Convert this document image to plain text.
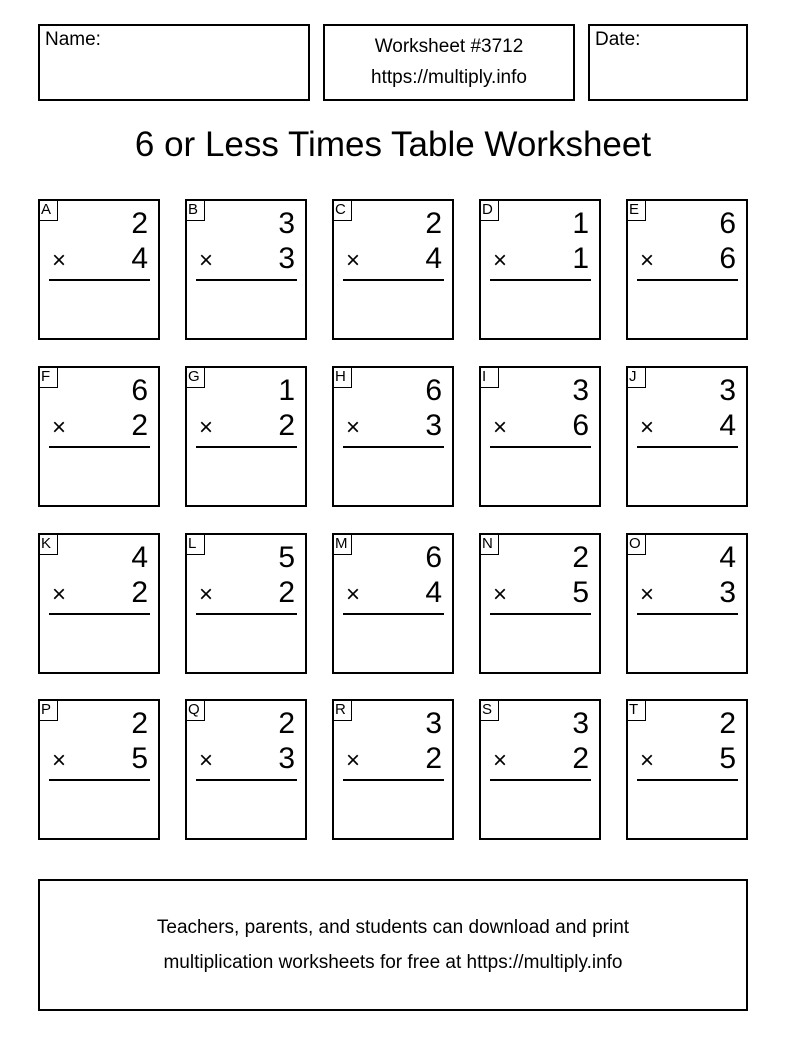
Name:	Worksheet #3712
https://multiply.info
Date:
6 or Less Times Table Worksheet
A	2
× 4
B	3
× 3
C	2
× 4
D	1
× 1
E	6
× 6
F	6
× 2
G	1
× 2
H	6
× 3
I	3
× 6
J	3
× 4
K	4
× 2
L	5
× 2
M	6
× 4
N	2
× 5
O	4
× 3
P	2
× 5
Q	2
× 3
R	3
× 2
S	3
× 2
T	2
× 5
Teachers, parents, and students can download and print
multiplication worksheets for free at https://multiply.info
